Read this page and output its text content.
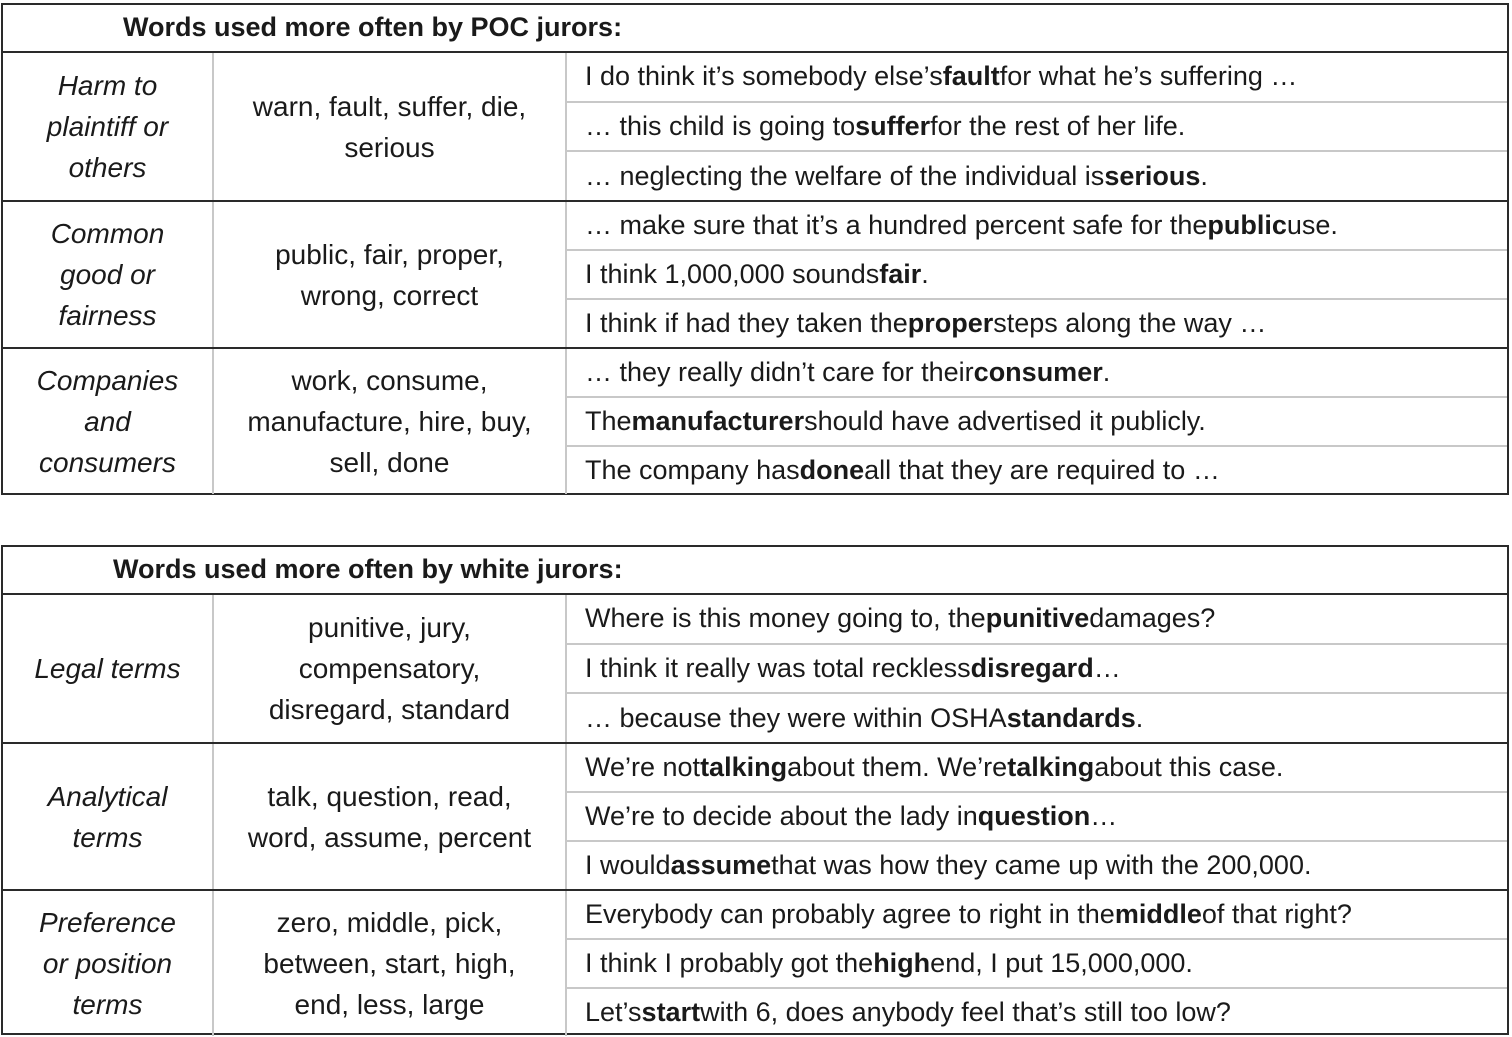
Words used more often by POC jurors:
Harm to
plaintiff or
others
warn, fault, suffer, die,
serious
I do think it’s somebody else’s fault for what he’s suffering …
… this child is going to suffer for the rest of her life.
… neglecting the welfare of the individual is serious .
Common
good or
fairness
public, fair, proper,
wrong, correct
… make sure that it’s a hundred percent safe for the public use.
I think 1,000,000 sounds fair .
I think if had they taken the proper steps along the way …
Companies
and
consumers
work, consume,
manufacture, hire, buy,
sell, done
… they really didn’t care for their consumer .
The manufacturer should have advertised it publicly.
The company has done all that they are required to …
Words used more often by white jurors:
Legal terms
punitive, jury,
compensatory,
disregard, standard
Where is this money going to, the punitive damages?
I think it really was total reckless disregard …
… because they were within OSHA standards .
Analytical
terms
talk, question, read,
word, assume, percent
We’re not talking about them. We’re talking about this case.
We’re to decide about the lady in question …
I would assume that was how they came up with the 200,000.
Preference
or position
terms
zero, middle, pick,
between, start, high,
end, less, large
Everybody can probably agree to right in the middle of that right?
I think I probably got the high end, I put 15,000,000.
Let’s start with 6, does anybody feel that’s still too low?
